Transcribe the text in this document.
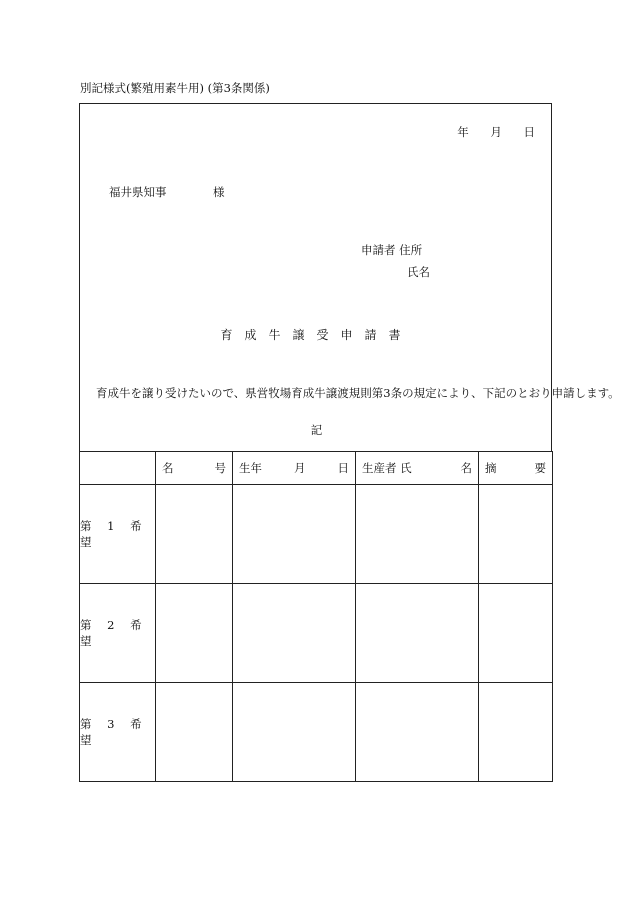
別記様式(繁殖用素牛用) (第3条関係)
年 月 日
福井県知事	様
申請者 住所
氏名
育成牛譲受申請書

育成牛を譲り受けたいので、県営牧場育成牛譲渡規則第3条の規定により、下記のとおり申請します。

記

	名 号	生年 月 日	生産者 氏 名	摘 要

第 1 希 望				
第 2 希 望				
第 3 希 望				
